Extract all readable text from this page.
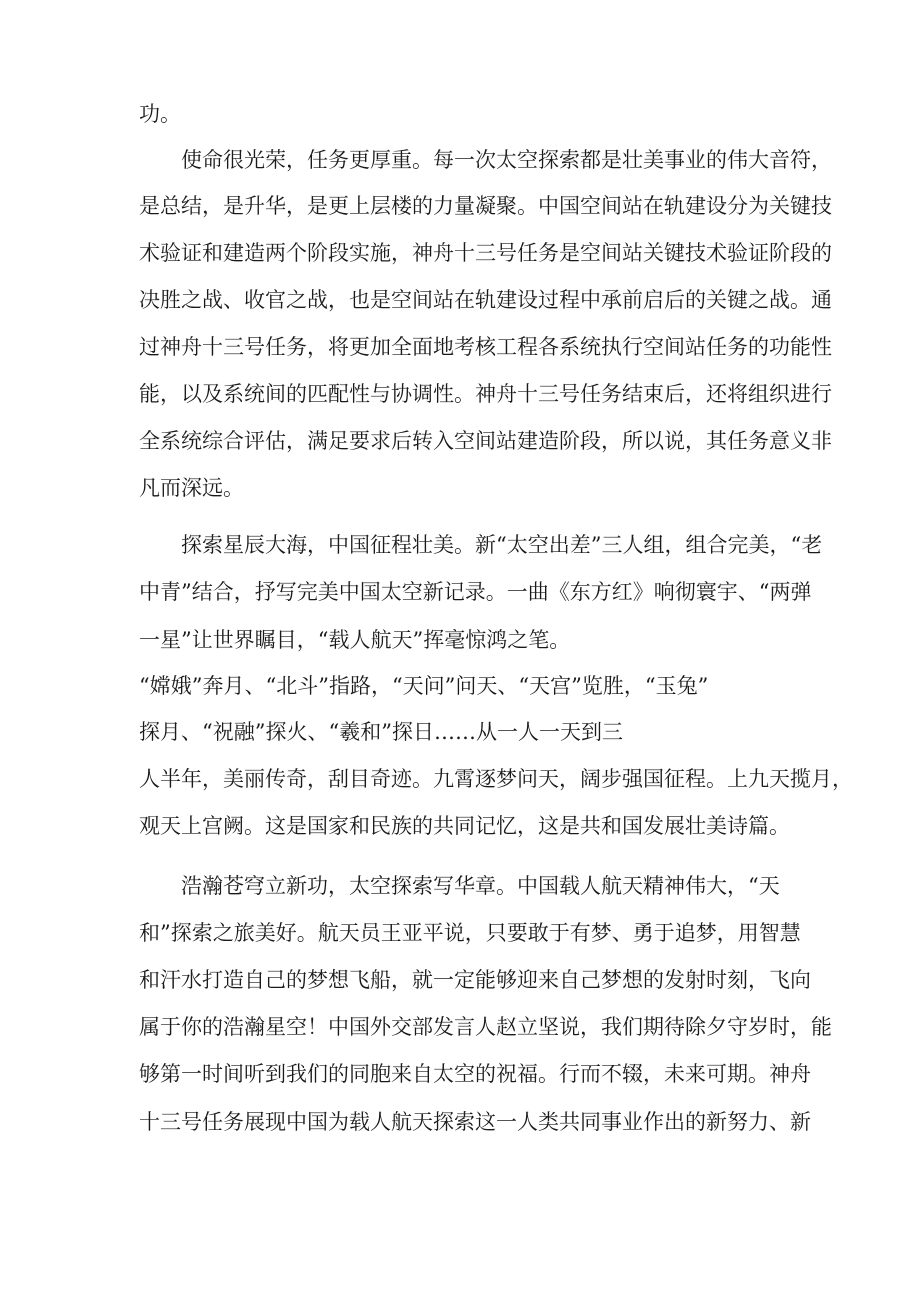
功。
使命很光荣，任务更厚重。每一次太空探索都是壮美事业的伟大音符，
是总结，是升华，是更上层楼的力量凝聚。中国空间站在轨建设分为关键技
术验证和建造两个阶段实施，神舟十三号任务是空间站关键技术验证阶段的
决胜之战、收官之战，也是空间站在轨建设过程中承前启后的关键之战。通
过神舟十三号任务，将更加全面地考核工程各系统执行空间站任务的功能性
能，以及系统间的匹配性与协调性。神舟十三号任务结束后，还将组织进行
全系统综合评估，满足要求后转入空间站建造阶段，所以说，其任务意义非
凡而深远。
探索星辰大海，中国征程壮美。新“太空出差”三人组，组合完美，“老
中青”结合，抒写完美中国太空新记录。一曲《东方红》响彻寰宇、“两弹
一星”让世界瞩目，“载人航天”挥毫惊鸿之笔。
“嫦娥”奔月、“北斗”指路，“天问”问天、“天宫”览胜，“玉兔”
探月、“祝融”探火、“羲和”探日……从一人一天到三
人半年，美丽传奇，刮目奇迹。九霄逐梦问天，阔步强国征程。上九天揽月，
观天上宫阙。这是国家和民族的共同记忆，这是共和国发展壮美诗篇。
浩瀚苍穹立新功，太空探索写华章。中国载人航天精神伟大，“天
和”探索之旅美好。航天员王亚平说，只要敢于有梦、勇于追梦，用智慧
和汗水打造自己的梦想飞船，就一定能够迎来自己梦想的发射时刻，飞向
属于你的浩瀚星空！中国外交部发言人赵立坚说，我们期待除夕守岁时，能
够第一时间听到我们的同胞来自太空的祝福。行而不辍，未来可期。神舟
十三号任务展现中国为载人航天探索这一人类共同事业作出的新努力、新
